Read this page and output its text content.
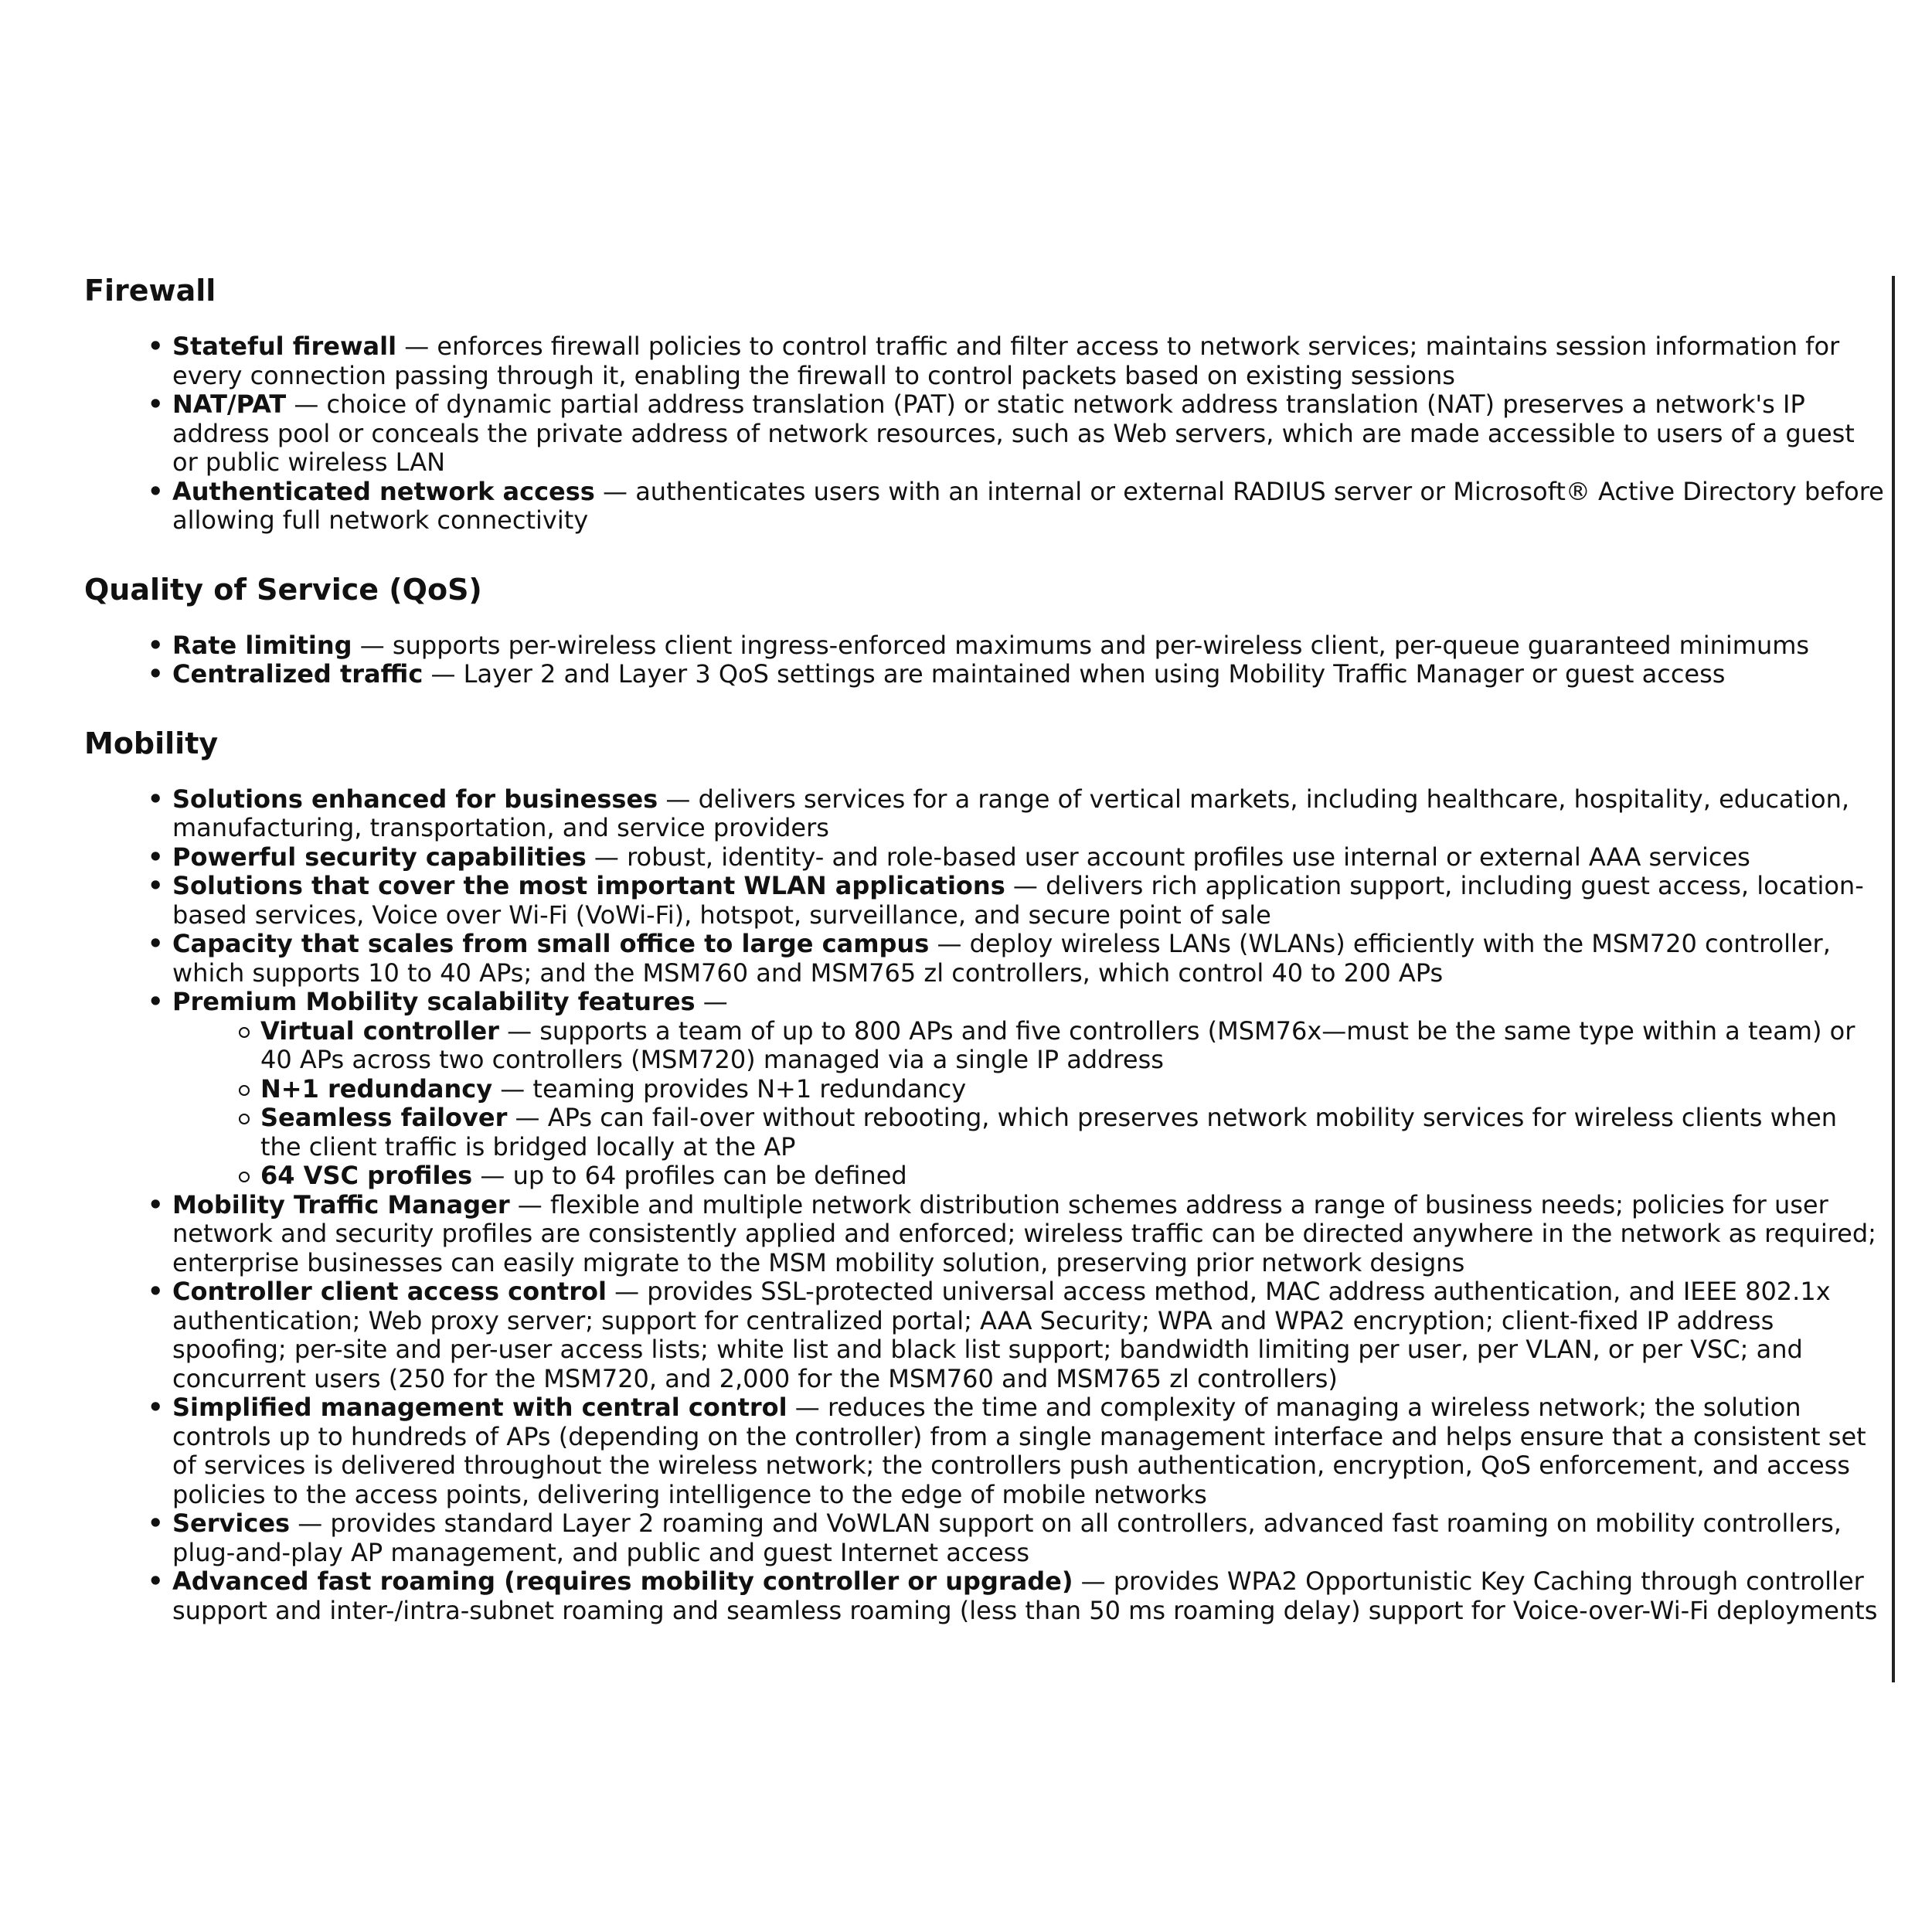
Firewall
• Stateful firewall — enforces firewall policies to control traffic and filter access to network services; maintains session information for every connection passing through it, enabling the firewall to control packets based on existing sessions
• NAT/PAT — choice of dynamic partial address translation (PAT) or static network address translation (NAT) preserves a network's IP address pool or conceals the private address of network resources, such as Web servers, which are made accessible to users of a guest or public wireless LAN
• Authenticated network access — authenticates users with an internal or external RADIUS server or Microsoft® Active Directory before allowing full network connectivity
Quality of Service (QoS)
• Rate limiting — supports per-wireless client ingress-enforced maximums and per-wireless client, per-queue guaranteed minimums
• Centralized traffic — Layer 2 and Layer 3 QoS settings are maintained when using Mobility Traffic Manager or guest access
Mobility
• Solutions enhanced for businesses — delivers services for a range of vertical markets, including healthcare, hospitality, education, manufacturing, transportation, and service providers
• Powerful security capabilities — robust, identity- and role-based user account profiles use internal or external AAA services
• Solutions that cover the most important WLAN applications — delivers rich application support, including guest access, location-based services, Voice over Wi-Fi (VoWi-Fi), hotspot, surveillance, and secure point of sale
• Capacity that scales from small office to large campus — deploy wireless LANs (WLANs) efficiently with the MSM720 controller, which supports 10 to 40 APs; and the MSM760 and MSM765 zl controllers, which control 40 to 200 APs
• Premium Mobility scalability features —
Virtual controller — supports a team of up to 800 APs and five controllers (MSM76x—must be the same type within a team) or 40 APs across two controllers (MSM720) managed via a single IP address
N+1 redundancy — teaming provides N+1 redundancy
Seamless failover — APs can fail-over without rebooting, which preserves network mobility services for wireless clients when the client traffic is bridged locally at the AP
64 VSC profiles — up to 64 profiles can be defined
• Mobility Traffic Manager — flexible and multiple network distribution schemes address a range of business needs; policies for user network and security profiles are consistently applied and enforced; wireless traffic can be directed anywhere in the network as required; enterprise businesses can easily migrate to the MSM mobility solution, preserving prior network designs
• Controller client access control — provides SSL-protected universal access method, MAC address authentication, and IEEE 802.1x authentication; Web proxy server; support for centralized portal; AAA Security; WPA and WPA2 encryption; client-fixed IP address spoofing; per-site and per-user access lists; white list and black list support; bandwidth limiting per user, per VLAN, or per VSC; and concurrent users (250 for the MSM720, and 2,000 for the MSM760 and MSM765 zl controllers)
• Simplified management with central control — reduces the time and complexity of managing a wireless network; the solution controls up to hundreds of APs (depending on the controller) from a single management interface and helps ensure that a consistent set of services is delivered throughout the wireless network; the controllers push authentication, encryption, QoS enforcement, and access policies to the access points, delivering intelligence to the edge of mobile networks
• Services — provides standard Layer 2 roaming and VoWLAN support on all controllers, advanced fast roaming on mobility controllers, plug-and-play AP management, and public and guest Internet access
• Advanced fast roaming (requires mobility controller or upgrade) — provides WPA2 Opportunistic Key Caching through controller support and inter-/intra-subnet roaming and seamless roaming (less than 50 ms roaming delay) support for Voice-over-Wi-Fi deployments
